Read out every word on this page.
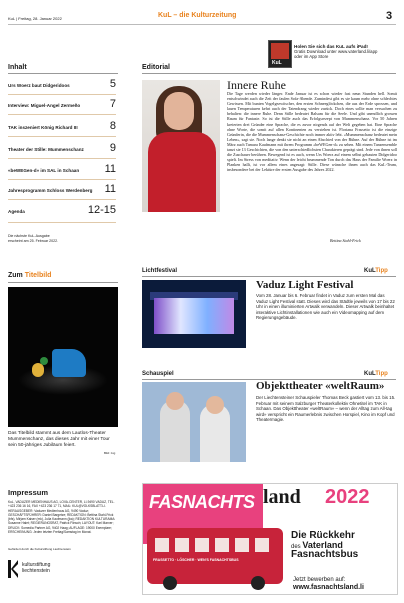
KuL | Freitag, 28. Januar 2022	KuL – die Kulturzeitung	3
KuL
Holen Sie sich das KuL aufs iPad!
Gratis Download unter www.vaterland.li/app
oder im App Store
Inhalt
Urs Woerz baut Didgeridoos	5
Interview: Miguel-Angel Zermeño	7
TAK inszeniert König Richard III	8
Theater der Stille: Mummenschanz 9
«beWEGen-d» im SAL in Schaan 11
Jahresprogramm Schloss Werdenberg 11
Agenda	12-15
Die nächste KuL-Ausgabe
erscheint am 25. Februar 2022.
Editorial
Innere Ruhe
Die Tage werden wieder länger. Ende Januar ist es schon wieder fast neun Stunden hell. Somit entschwindet auch die Zeit der faulen Sofa-Abende. Zumindest gibt es sie kaum mehr ohne schlechtes Gewissen. Mit bunten Vogelgezwitscher, den ersten Schneeglöckchen, die aus der Erde sprossen, und lauen Temperaturen kehrt auch der Tatendrang wieder zurück. Doch eines sollte man versuchen zu behalten: die innere Ruhe. Denn Stille bedeutet Balsam für die Seele. Und gibt unendlich grossen Raum für Fantasie. So ist die Stille auch das Erfolgsrezept von Mummenschanz. Vor 50 Jahren kreierten drei Gründer eine Sprache, die es zuvor nirgends auf der Welt gegeben hat. Eine Sprache ohne Worte, die somit auf allen Kontinenten zu verstehen ist. Floriana Frassetto ist die einzige Gründerin, die die Mummenschanz-Geschichte noch immer aktiv lebt. «Mummenschanz bedeutet mein Leben», sagt sie. Noch lange denkt sie nicht an einen Abschied von der Bühne. Auf der Bühne ist im März auch Tamara Kaufmann mit ihrem Programm «beWEGen-d» zu sehen. Mit einem Tanzensemble tanzt sie 13 Geschichten, die von den unterschiedlichsten Charakteren geprägt sind. Jede von ihnen soll die Zuschauer berühren. Bewegend ist es auch, wenn Urs Woerz auf einem selbst gebauten Didgeridoo spielt. Im Stress von meditativ. Wenn der leicht brummende Ton durch das Haus der Familie Woerz in Planken hallt, ist vor allem eines angesagt: Stille. Diese wünsche ihnen auch das KuL-Team, insbesondere bei der Lektüre der ersten Ausgabe des Jahres 2022.
Bettina Stahl-Frick
Zum Titelbild
Das Titelbild stammt aus dem Lautlos-Theater Mummenschanz, das dieses Jahr mit einer Tour sein 50-jähriges Jubiläum feiert.
Bild: zvg
Lichtfestival	KuLTipp
Vaduz Light Festival
Vom 28. Januar bis 6. Februar findet in Vaduz zum ersten Mal das Vaduz Light Festival statt. Dieses wird das Städtle jeweils von 17 bis 22 Uhr in einen illuminierten Artwalk verwandeln. Dieser Artwalk beinhaltet interaktive Lichtinstallationen wie auch ein Videomapping auf dem Regierungsgebäude.
Schauspiel	KuLTipp
Objekttheater «weltRaum»
Der Liechtensteiner Schauspieler Thomas Beck gastiert vom 13. bis 15. Februar mit seinem Salzburger Theaterkollektiv Ohnetitel im TAK in Schaan. Das Objekttheater «weltRaum» – wenn der Alltag zum All-tag wird» verspricht ein Raumerlebnis zwischen Horspiel, Kino im Kopf und Theatermagie.
Impressum
KuL, VADUZER MEDIENHAUS AG, LOVA-CENTER, LI-9490 VADUZ, TEL. +423 236 16 16, FAX +423 236 17 71, MAIL: KUL@VOLKSBLATT.LI. HERAUSGEBER: Vaduzer Medienhaus AG, 9490 Vaduz; GESCHÄFTSFÜHRER: Daniel Bargetze; REDAKTION: Bettina Stahl-Frick (bfs), Mirjam Kaiser (mk), Julia Kaufmann (jka); REDAKTION KULTURAMA: Susanne Halet; REGIERUNGSRAT, Patrick Flinsch; LAYOUT: Karl Marxer; DRUCK: Somedia Partner AG, 9402 Haag; AUFLAGE: 19000 Exemplare; ERSCHEINUNG: Jeden letzten Freitag/Samstag im Monat.
Gefördert durch die Kulturstiftung Liechtenstein
kulturstiftung
liechtenstein
FASNACHTS land 2022
FRASSETTO · LÖSCHER · WEN'S FASNACHTSBUS
Die Rückkehr
des Vaterland
Fasnachtsbus
Jetzt bewerben auf:
www.fasnachtsland.li
